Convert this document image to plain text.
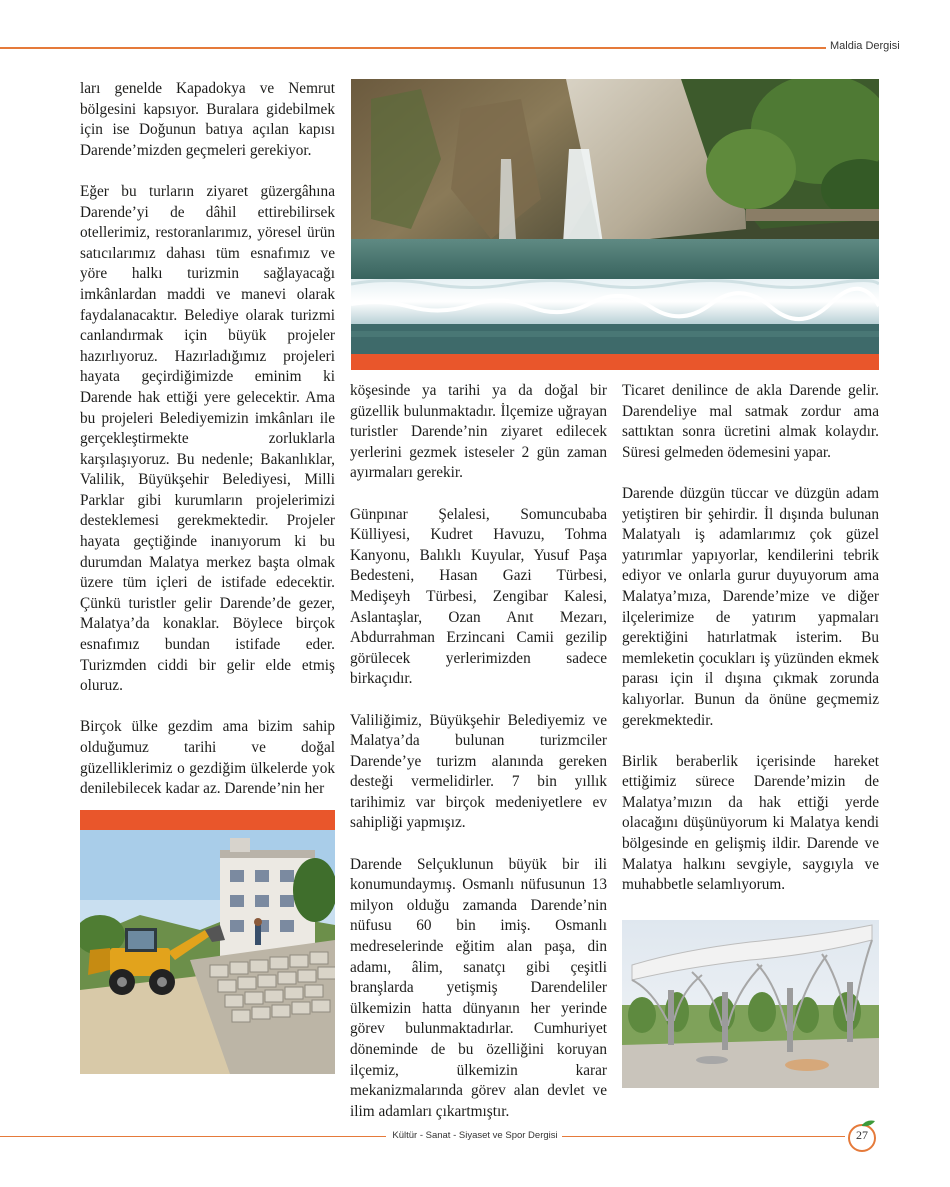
Maldia Dergisi

ları genelde Kapadokya ve Nemrut bölgesini kapsıyor. Buralara gidebilmek için ise Doğunun batıya açılan kapısı Darende’mizden geçmeleri gerekiyor.

Eğer bu turların ziyaret güzergâhına Darende’yi de dâhil ettirebilirsek otellerimiz, restoranlarımız, yöresel ürün satıcılarımız dahası tüm esnafımız ve yöre halkı turizmin sağlayacağı imkânlardan maddi ve manevi olarak faydalanacaktır. Belediye olarak turizmi canlandırmak için büyük projeler hazırlıyoruz. Hazırladığımız projeleri hayata geçirdiğimizde eminim ki Darende hak ettiği yere gelecektir. Ama bu projeleri Belediyemizin imkânları ile gerçekleştirmekte zorluklarla karşılaşıyoruz. Bu nedenle; Bakanlıklar, Valilik, Büyükşehir Belediyesi, Milli Parklar gibi kurumların projelerimizi desteklemesi gerekmektedir. Projeler hayata geçtiğinde inanıyorum ki bu durumdan Malatya merkez başta olmak üzere tüm içleri de istifade edecektir. Çünkü turistler gelir Darende’de gezer, Malatya’da konaklar. Böylece birçok esnafımız bundan istifade eder. Turizmden ciddi bir gelir elde etmiş oluruz.

Birçok ülke gezdim ama bizim sahip olduğumuz tarihi ve doğal güzelliklerimiz o gezdiğim ülkelerde yok denilebilecek kadar az. Darende’nin her

köşesinde ya tarihi ya da doğal bir güzellik bulunmaktadır. İlçemize uğrayan turistler Darende’nin ziyaret edilecek yerlerini gezmek isteseler 2 gün zaman ayırmaları gerekir.

Günpınar Şelalesi, Somuncubaba Külliyesi, Kudret Havuzu, Tohma Kanyonu, Balıklı Kuyular, Yusuf Paşa Bedesteni, Hasan Gazi Türbesi, Medişeyh Türbesi, Zengibar Kalesi, Aslantaşlar, Ozan Anıt Mezarı, Abdurrahman Erzincani Camii gezilip görülecek yerlerimizden sadece birkaçıdır.

Valiliğimiz, Büyükşehir Belediyemiz ve Malatya’da bulunan turizmciler Darende’ye turizm alanında gereken desteği vermelidirler. 7 bin yıllık tarihimiz var birçok medeniyetlere ev sahipliği yapmışız.

Darende Selçuklunun büyük bir ili konumundaymış. Osmanlı nüfusunun 13 milyon olduğu zamanda Darende’nin nüfusu 60 bin imiş. Osmanlı medreselerinde eğitim alan paşa, din adamı, âlim, sanatçı gibi çeşitli branşlarda yetişmiş Darendeliler ülkemizin hatta dünyanın her yerinde görev bulunmaktadırlar. Cumhuriyet döneminde de bu özelliğini koruyan ilçemiz, ülkemizin karar mekanizmalarında görev alan devlet ve ilim adamları çıkartmıştır.

Ticaret denilince de akla Darende gelir. Darendeliye mal satmak zordur ama sattıktan sonra ücretini almak kolaydır. Süresi gelmeden ödemesini yapar.

Darende düzgün tüccar ve düzgün adam yetiştiren bir şehirdir. İl dışında bulunan Malatyalı iş adamlarımız çok güzel yatırımlar yapıyorlar, kendilerini tebrik ediyor ve onlarla gurur duyuyorum ama Malatya’mıza, Darende’mize ve diğer ilçelerimize de yatırım yapmaları gerektiğini hatırlatmak isterim. Bu memleketin çocukları iş yüzünden ekmek parası için il dışına çıkmak zorunda kalıyorlar. Bunun da önüne geçmemiz gerekmektedir.

Birlik beraberlik içerisinde hareket ettiğimiz sürece Darende’mizin de Malatya’mızın da hak ettiği yerde olacağını düşünüyorum ki Malatya kendi bölgesinde en gelişmiş ildir. Darende ve Malatya halkını sevgiyle, saygıyla ve muhabbetle selamlıyorum.

Kültür - Sanat - Siyaset ve Spor Dergisi	27
